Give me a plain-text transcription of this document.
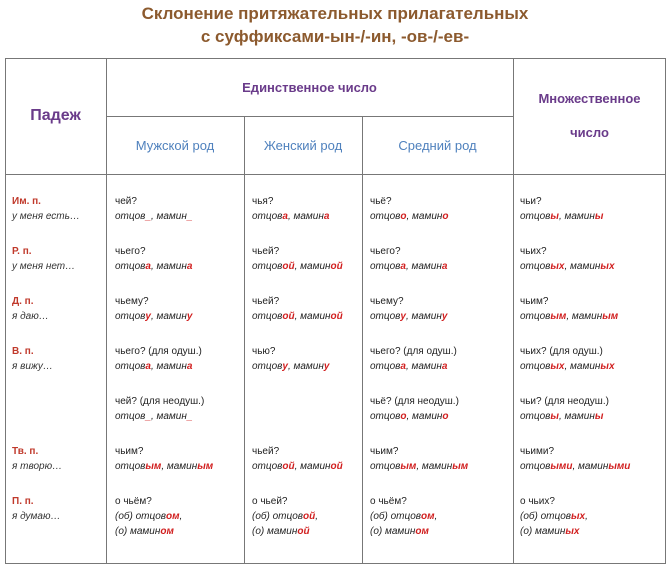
Склонение притяжательных прилагательных
с суффиксами-ын-/-ин, -ов-/-ев-
Падеж
Единственное число
Множественное число
Мужской род	Женский род	Средний род
Им. п.
у меня есть…
чей?
отцов_, мамин_
чья?
отцова, мамина
чьё?
отцово, мамино
чьи?
отцовы, мамины
Р. п.
у меня нет…
чьего?
отцова, мамина
чьей?
отцовой, маминой
чьего?
отцова, мамина
чьих?
отцовых, маминых
Д. п.
я даю…
чьему?
отцову, мамину
чьей?
отцовой, маминой
чьему?
отцову, мамину
чьим?
отцовым, маминым
В. п.
я вижу…
чьего? (для одуш.)
отцова, мамина
чью?
отцову, мамину
чьего? (для одуш.)
отцова, мамина
чьих? (для одуш.)
отцовых, маминых
чей? (для неодуш.)
отцов_, мамин_
чьё? (для неодуш.)
отцово, мамино
чьи? (для неодуш.)
отцовы, мамины
Тв. п.
я творю…
чьим?
отцовым, маминым
чьей?
отцовой, маминой
чьим?
отцовым, маминым
чьими?
отцовыми, мамиными
П. п.
я думаю…
о чьём?
(об) отцовом,
(о) мамином
о чьей?
(об) отцовой,
(о) маминой
о чьём?
(об) отцовом,
(о) мамином
о чьих?
(об) отцовых,
(о) маминых
